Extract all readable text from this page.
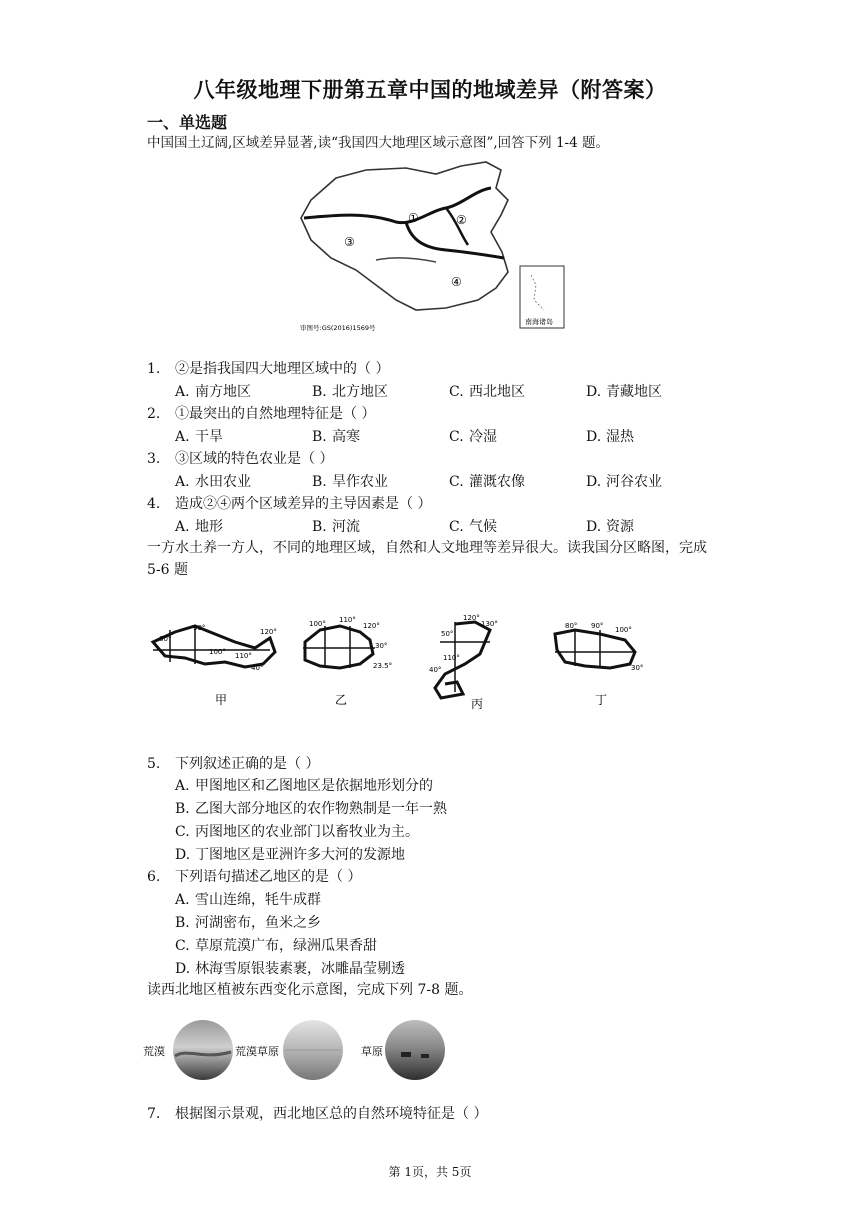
八年级地理下册第五章中国的地域差异（附答案）
一、单选题
中国国土辽阔,区域差异显著,读“我国四大地理区域示意图”,回答下列 1-4 题。
①	②
③
④
审图号:GS(2016)1569号
南海诸岛
1. ②是指我国四大地理区域中的（ ）
A. 南方地区	B. 北方地区	C. 西北地区	D. 青藏地区
2. ①最突出的自然地理特征是（ ）
A. 干旱	B. 高寒	C. 冷湿	D. 湿热
3. ③区域的特色农业是（ ）
A. 水田农业	B. 旱作农业	C. 灌溉农像	D. 河谷农业
4. 造成②④两个区域差异的主导因素是（ ）
A. 地形	B. 河流	C. 气候	D. 资源
一方水土养一方人，不同的地理区域，自然和人文地理等差异很大。读我国分区略图，完成 5-6 题
80°
90°
100° 110°
120°
40°
甲
100° 110°
120°
30°
23.5°
乙
120°
130°
50°
110°
40°
丙
80° 90° 100°
30°
丁
5. 下列叙述正确的是（ ）
A. 甲图地区和乙图地区是依据地形划分的
B. 乙图大部分地区的农作物熟制是一年一熟
C. 丙图地区的农业部门以畜牧业为主。
D. 丁图地区是亚洲许多大河的发源地
6. 下列语句描述乙地区的是（ ）
A. 雪山连绵，牦牛成群
B. 河湖密布，鱼米之乡
C. 草原荒漠广布，绿洲瓜果香甜
D. 林海雪原银装素裹，冰雕晶莹剔透
读西北地区植被东西变化示意图，完成下列 7-8 题。
荒漠	荒漠草原	草原
7. 根据图示景观，西北地区总的自然环境特征是（ ）
第 1页，共 5页
